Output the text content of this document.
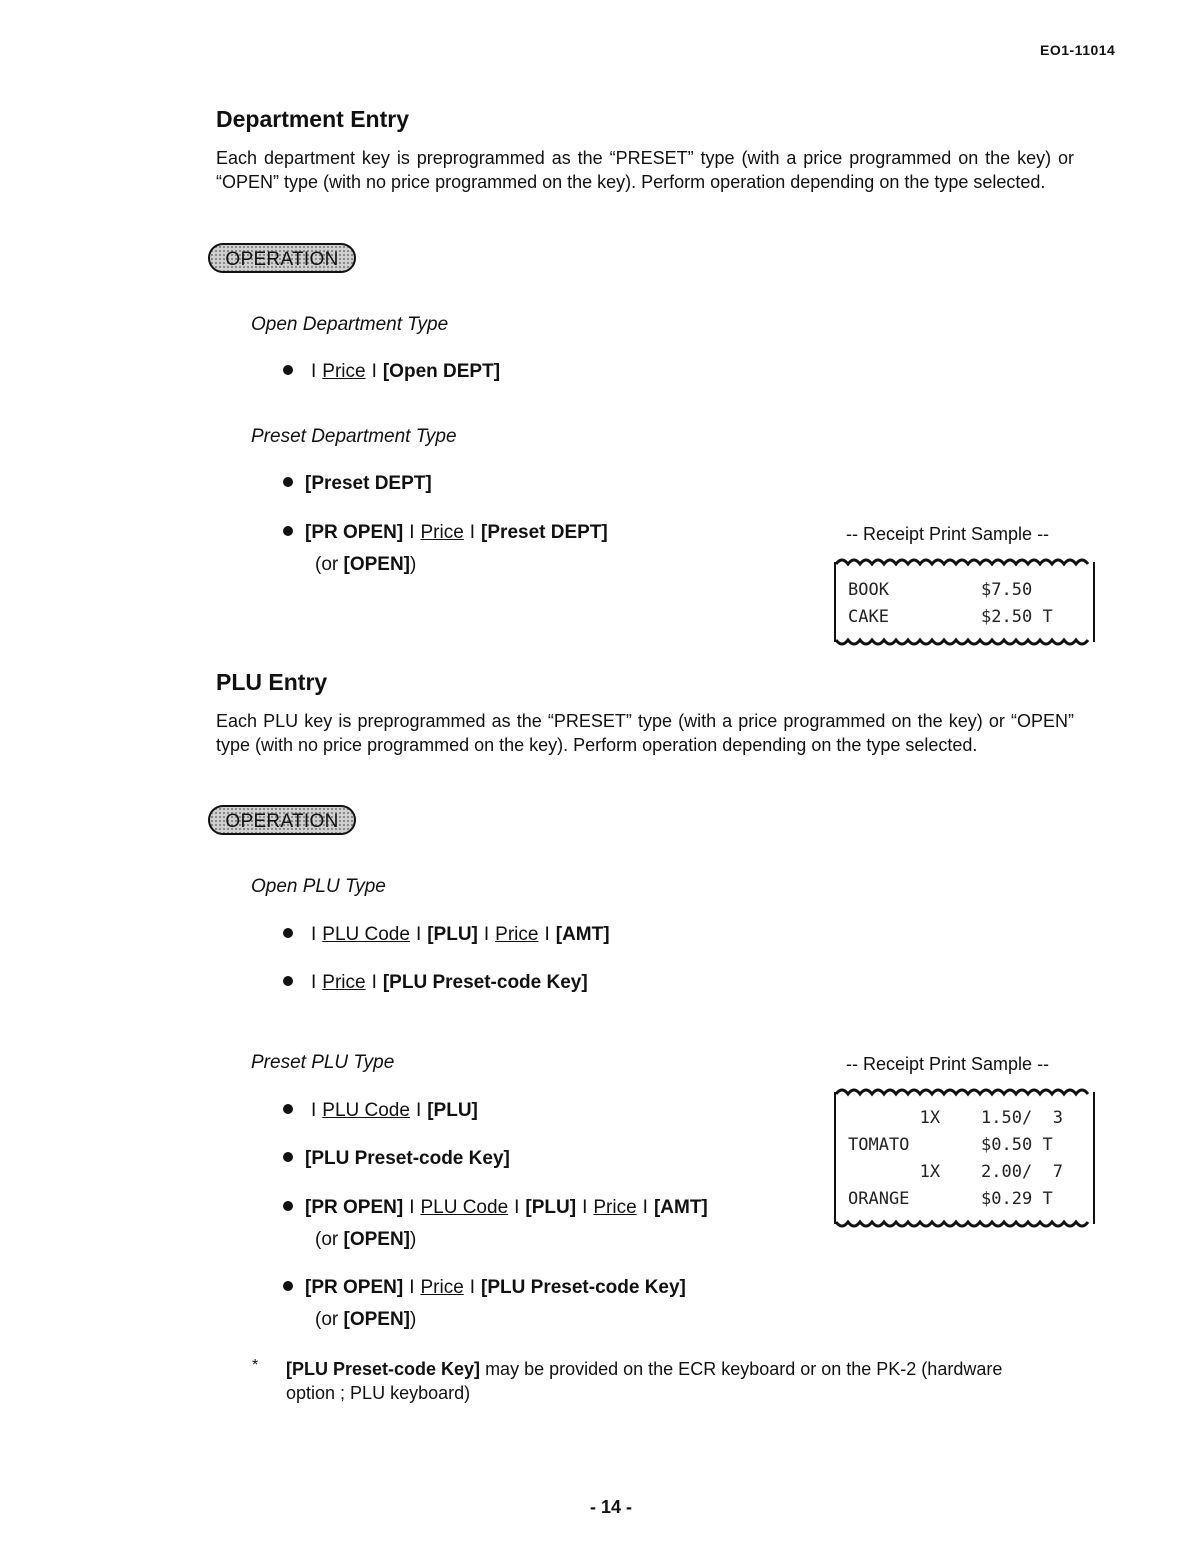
EO1-11014
Department Entry
Each department key is preprogrammed as the “PRESET” type (with a price programmed on the key) or “OPEN” type (with no price programmed on the key). Perform operation depending on the type selected.
OPERATION
Open Department Type
I Price I [Open DEPT]
Preset Department Type
[Preset DEPT]
[PR OPEN] I Price I [Preset DEPT]
(or [OPEN])
-- Receipt Print Sample --
BOOK         $7.50
CAKE         $2.50 T
PLU Entry
Each PLU key is preprogrammed as the “PRESET” type (with a price programmed on the key) or “OPEN” type (with no price programmed on the key). Perform operation depending on the type selected.
OPERATION
Open PLU Type
I PLU Code I [PLU] I Price I [AMT]
I Price I [PLU Preset-code Key]
Preset PLU Type
I PLU Code I [PLU]
[PLU Preset-code Key]
[PR OPEN] I PLU Code I [PLU] I Price I [AMT]
(or [OPEN])
[PR OPEN] I Price I [PLU Preset-code Key]
(or [OPEN])
-- Receipt Print Sample --
1X    1.50/  3
TOMATO       $0.50 T
1X    2.00/  7
ORANGE       $0.29 T
* [PLU Preset-code Key] may be provided on the ECR keyboard or on the PK-2 (hardware option ; PLU keyboard)
- 14 -
